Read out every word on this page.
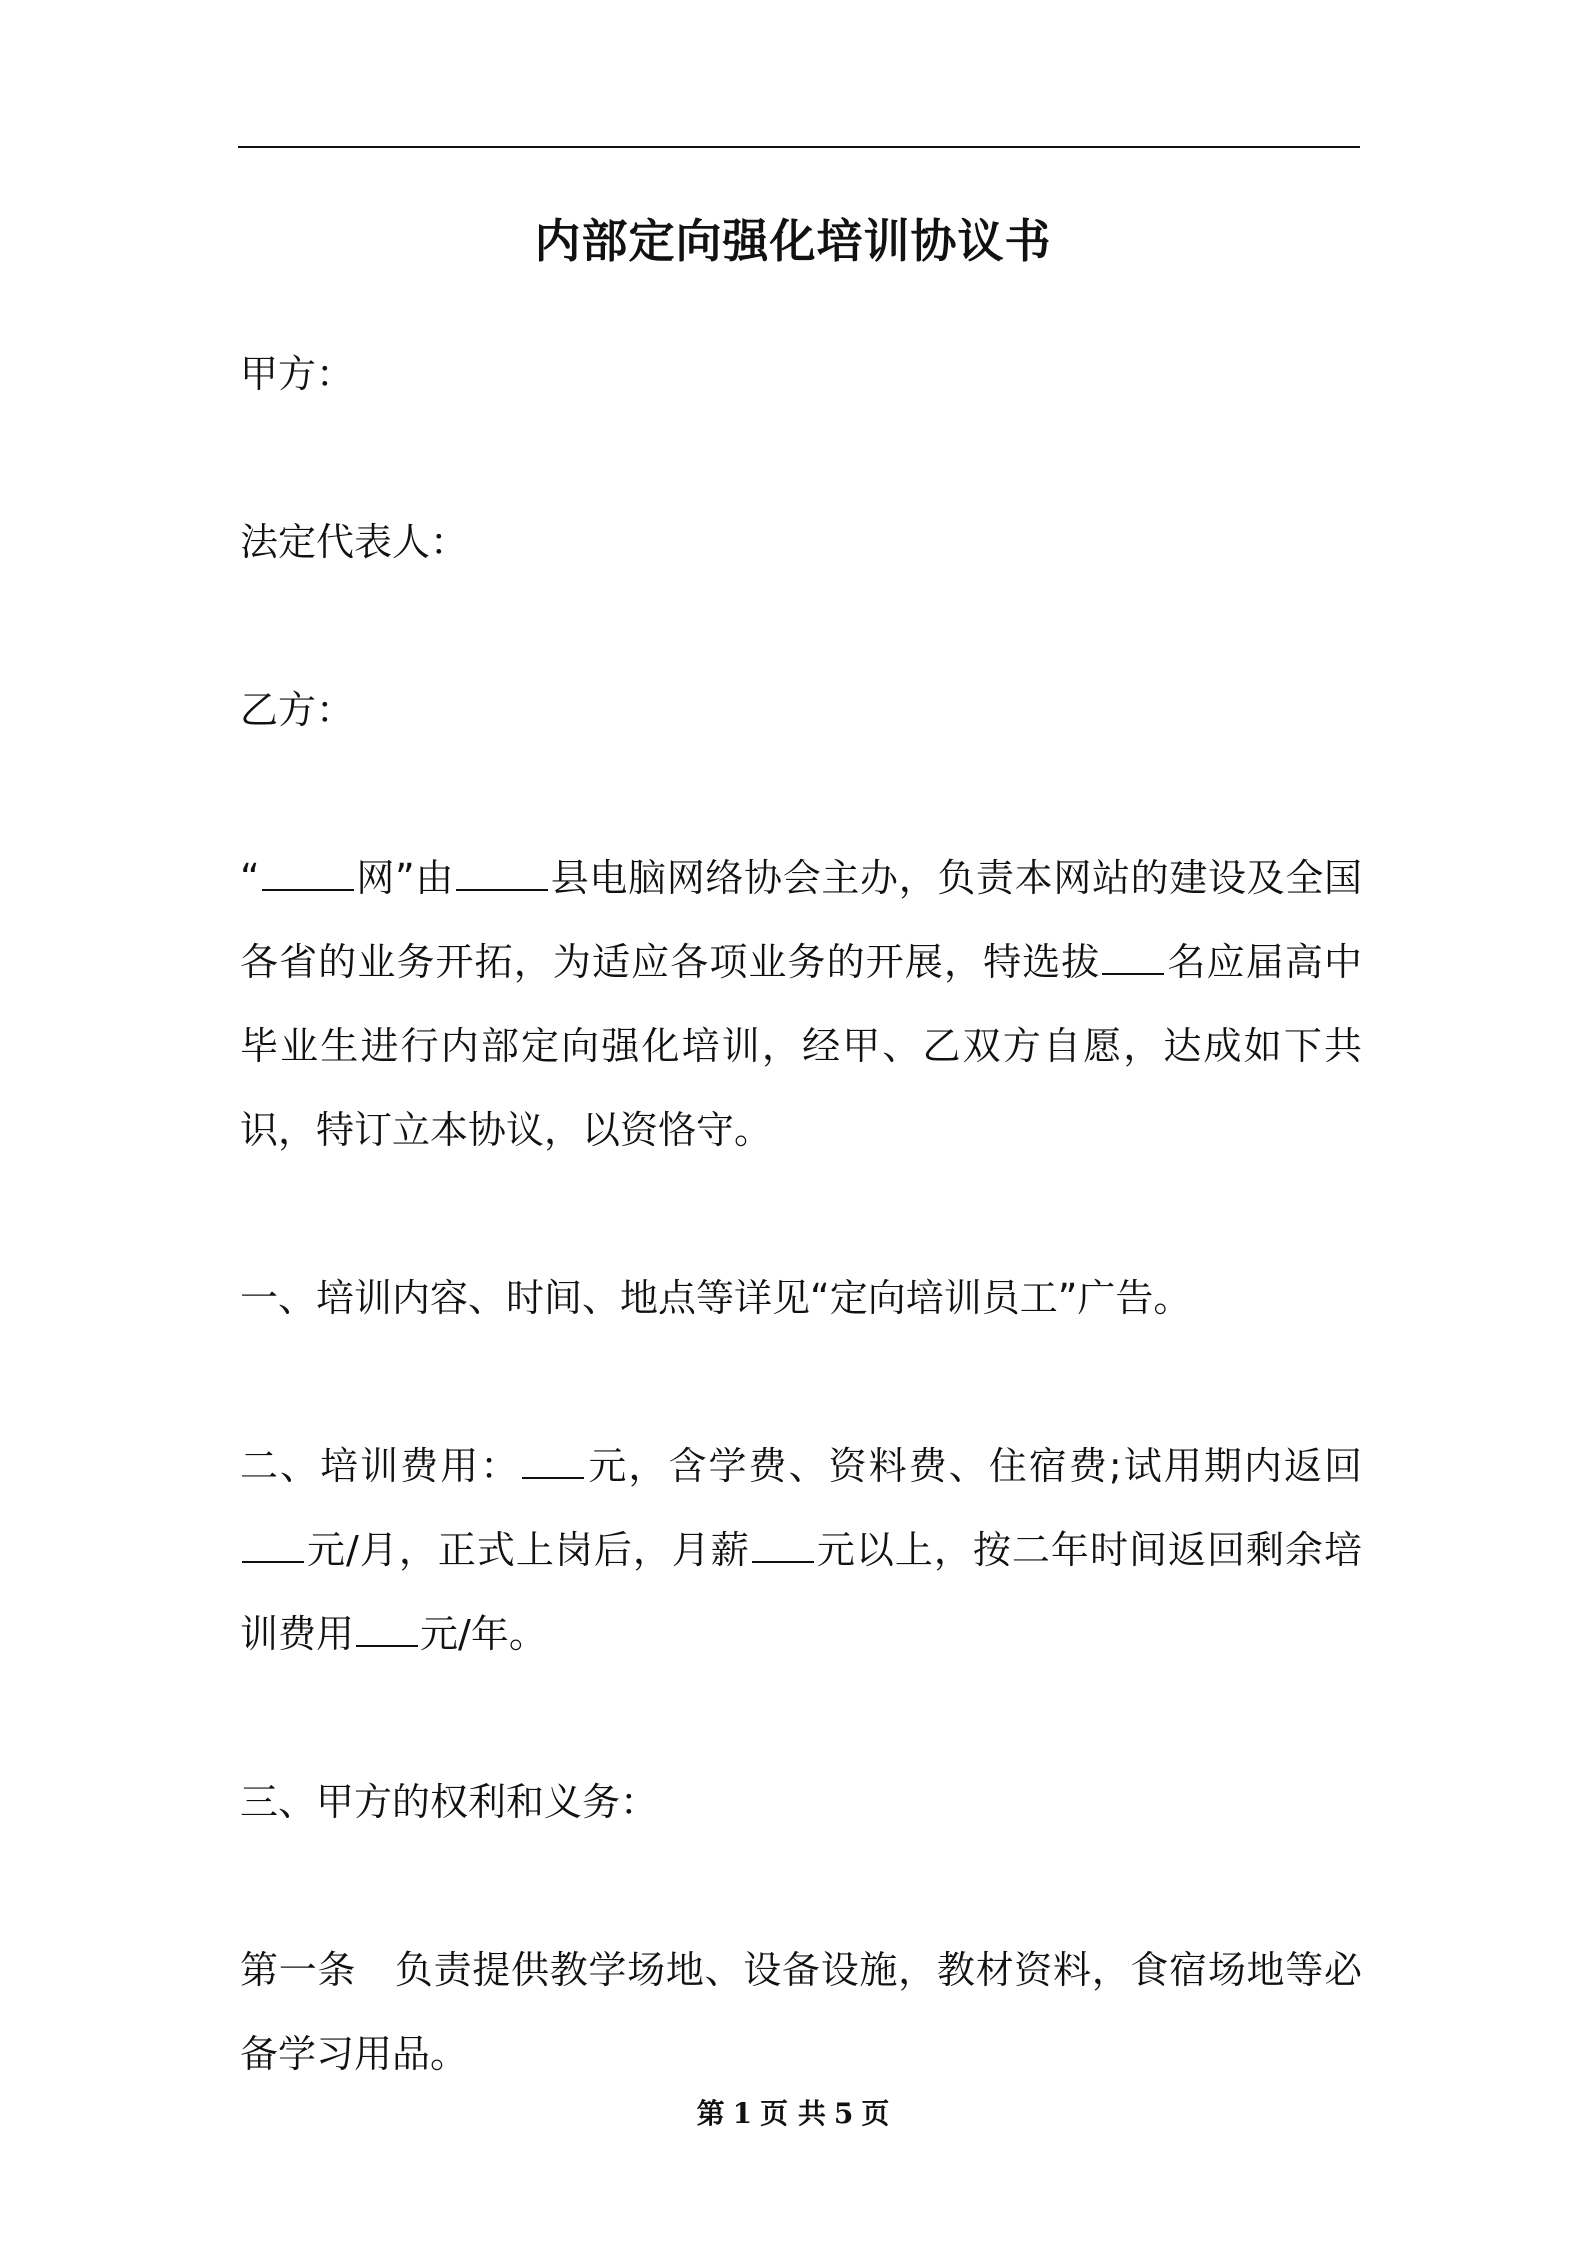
内部定向强化培训协议书

甲方：

法定代表人：

乙方：

“	网”由	县电脑网络协会主办，负责本网站的建设及全国各省的业务开拓，为适应各项业务的开展，特选拔 名应届高中毕业生进行内部定向强化培训，经甲、乙双方自愿，达成如下共识，特订立本协议，以资恪守。

一、培训内容、时间、地点等详见“定向培训员工”广告。

二、培训费用： 元，含学费、资料费、住宿费;试用期内返回元/月，正式上岗后，月薪 元以上，按二年时间返回剩余培训费用 元/年。

三、甲方的权利和义务：

第一条　负责提供教学场地、设备设施，教材资料，食宿场地等必备学习用品。

第 1 页 共 5 页
